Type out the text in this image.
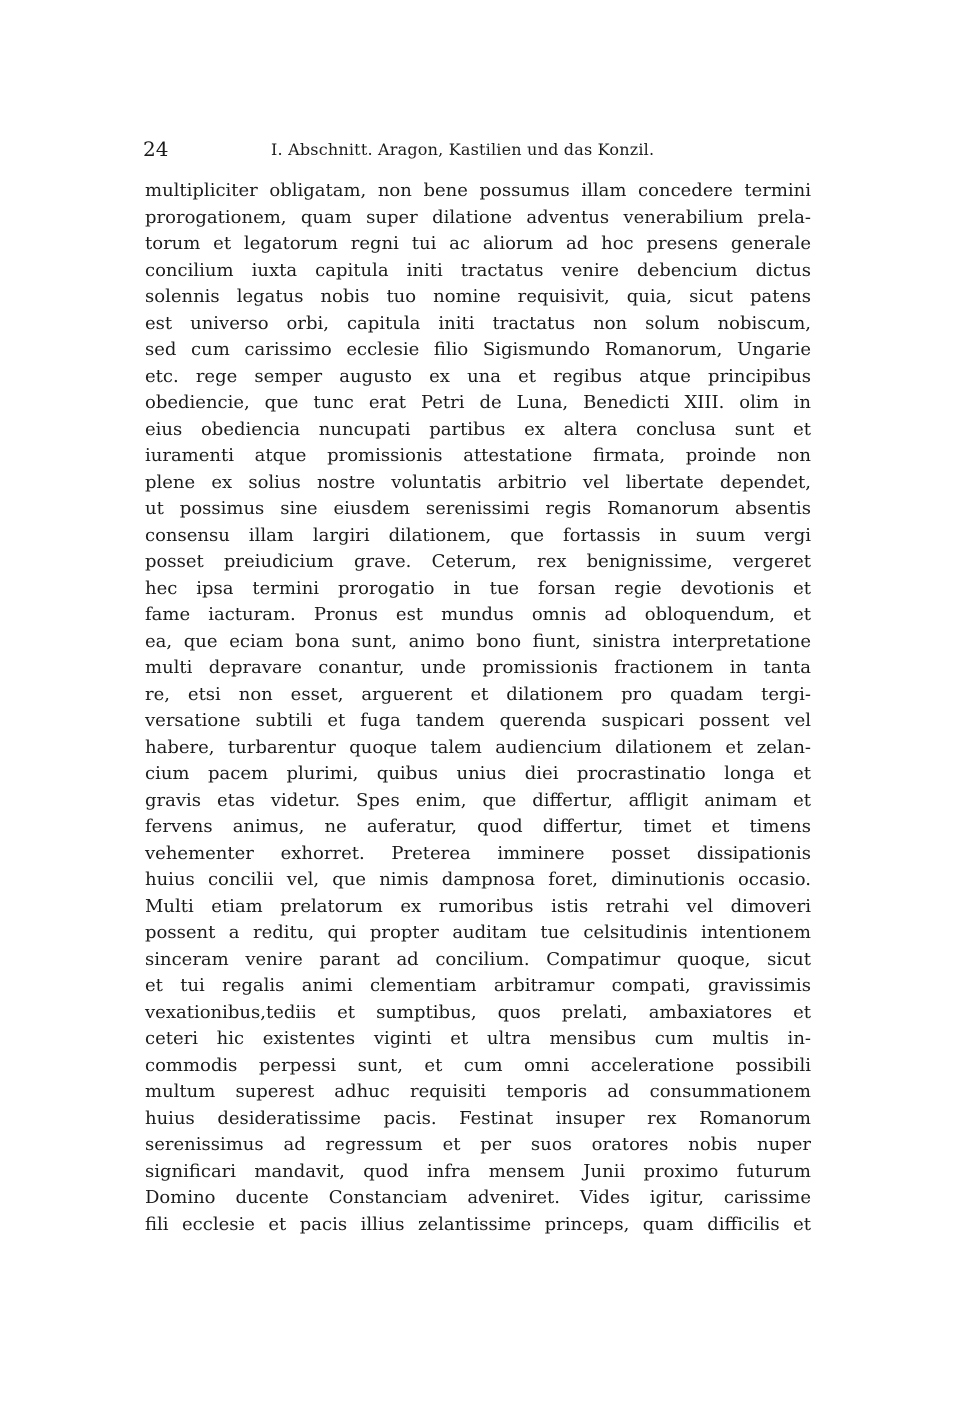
24	I. Abschnitt. Aragon, Kastilien und das Konzil.
multipliciter obligatam, non bene possumus illam concedere termini
prorogationem, quam super dilatione adventus venerabilium prela-
torum et legatorum regni tui ac aliorum ad hoc presens generale
concilium iuxta capitula initi tractatus venire debencium dictus
solennis legatus nobis tuo nomine requisivit, quia, sicut patens
est universo orbi, capitula initi tractatus non solum nobiscum,
sed cum carissimo ecclesie filio Sigismundo Romanorum, Ungarie
etc. rege semper augusto ex una et regibus atque principibus
obediencie, que tunc erat Petri de Luna, Benedicti XIII. olim in
eius obediencia nuncupati partibus ex altera conclusa sunt et
iuramenti atque promissionis attestatione firmata, proinde non
plene ex solius nostre voluntatis arbitrio vel libertate dependet,
ut possimus sine eiusdem serenissimi regis Romanorum absentis
consensu illam largiri dilationem, que fortassis in suum vergi
posset preiudicium grave. Ceterum, rex benignissime, vergeret
hec ipsa termini prorogatio in tue forsan regie devotionis et
fame iacturam. Pronus est mundus omnis ad obloquendum, et
ea, que eciam bona sunt, animo bono fiunt, sinistra interpretatione
multi depravare conantur, unde promissionis fractionem in tanta
re, etsi non esset, arguerent et dilationem pro quadam tergi-
versatione subtili et fuga tandem querenda suspicari possent vel
habere, turbarentur quoque talem audiencium dilationem et zelan-
cium pacem plurimi, quibus unius diei procrastinatio longa et
gravis etas videtur. Spes enim, que differtur, affligit animam et
fervens animus, ne auferatur, quod differtur, timet et timens
vehementer exhorret. Preterea imminere posset dissipationis
huius concilii vel, que nimis dampnosa foret, diminutionis occasio.
Multi etiam prelatorum ex rumoribus istis retrahi vel dimoveri
possent a reditu, qui propter auditam tue celsitudinis intentionem
sinceram venire parant ad concilium. Compatimur quoque, sicut
et tui regalis animi clementiam arbitramur compati, gravissimis
vexationibus,tediis et sumptibus, quos prelati, ambaxiatores et
ceteri hic existentes viginti et ultra mensibus cum multis in-
commodis perpessi sunt, et cum omni acceleratione possibili
multum superest adhuc requisiti temporis ad consummationem
huius desideratissime pacis. Festinat insuper rex Romanorum
serenissimus ad regressum et per suos oratores nobis nuper
significari mandavit, quod infra mensem Junii proximo futurum
Domino ducente Constanciam adveniret. Vides igitur, carissime
fili ecclesie et pacis illius zelantissime princeps, quam difficilis et
